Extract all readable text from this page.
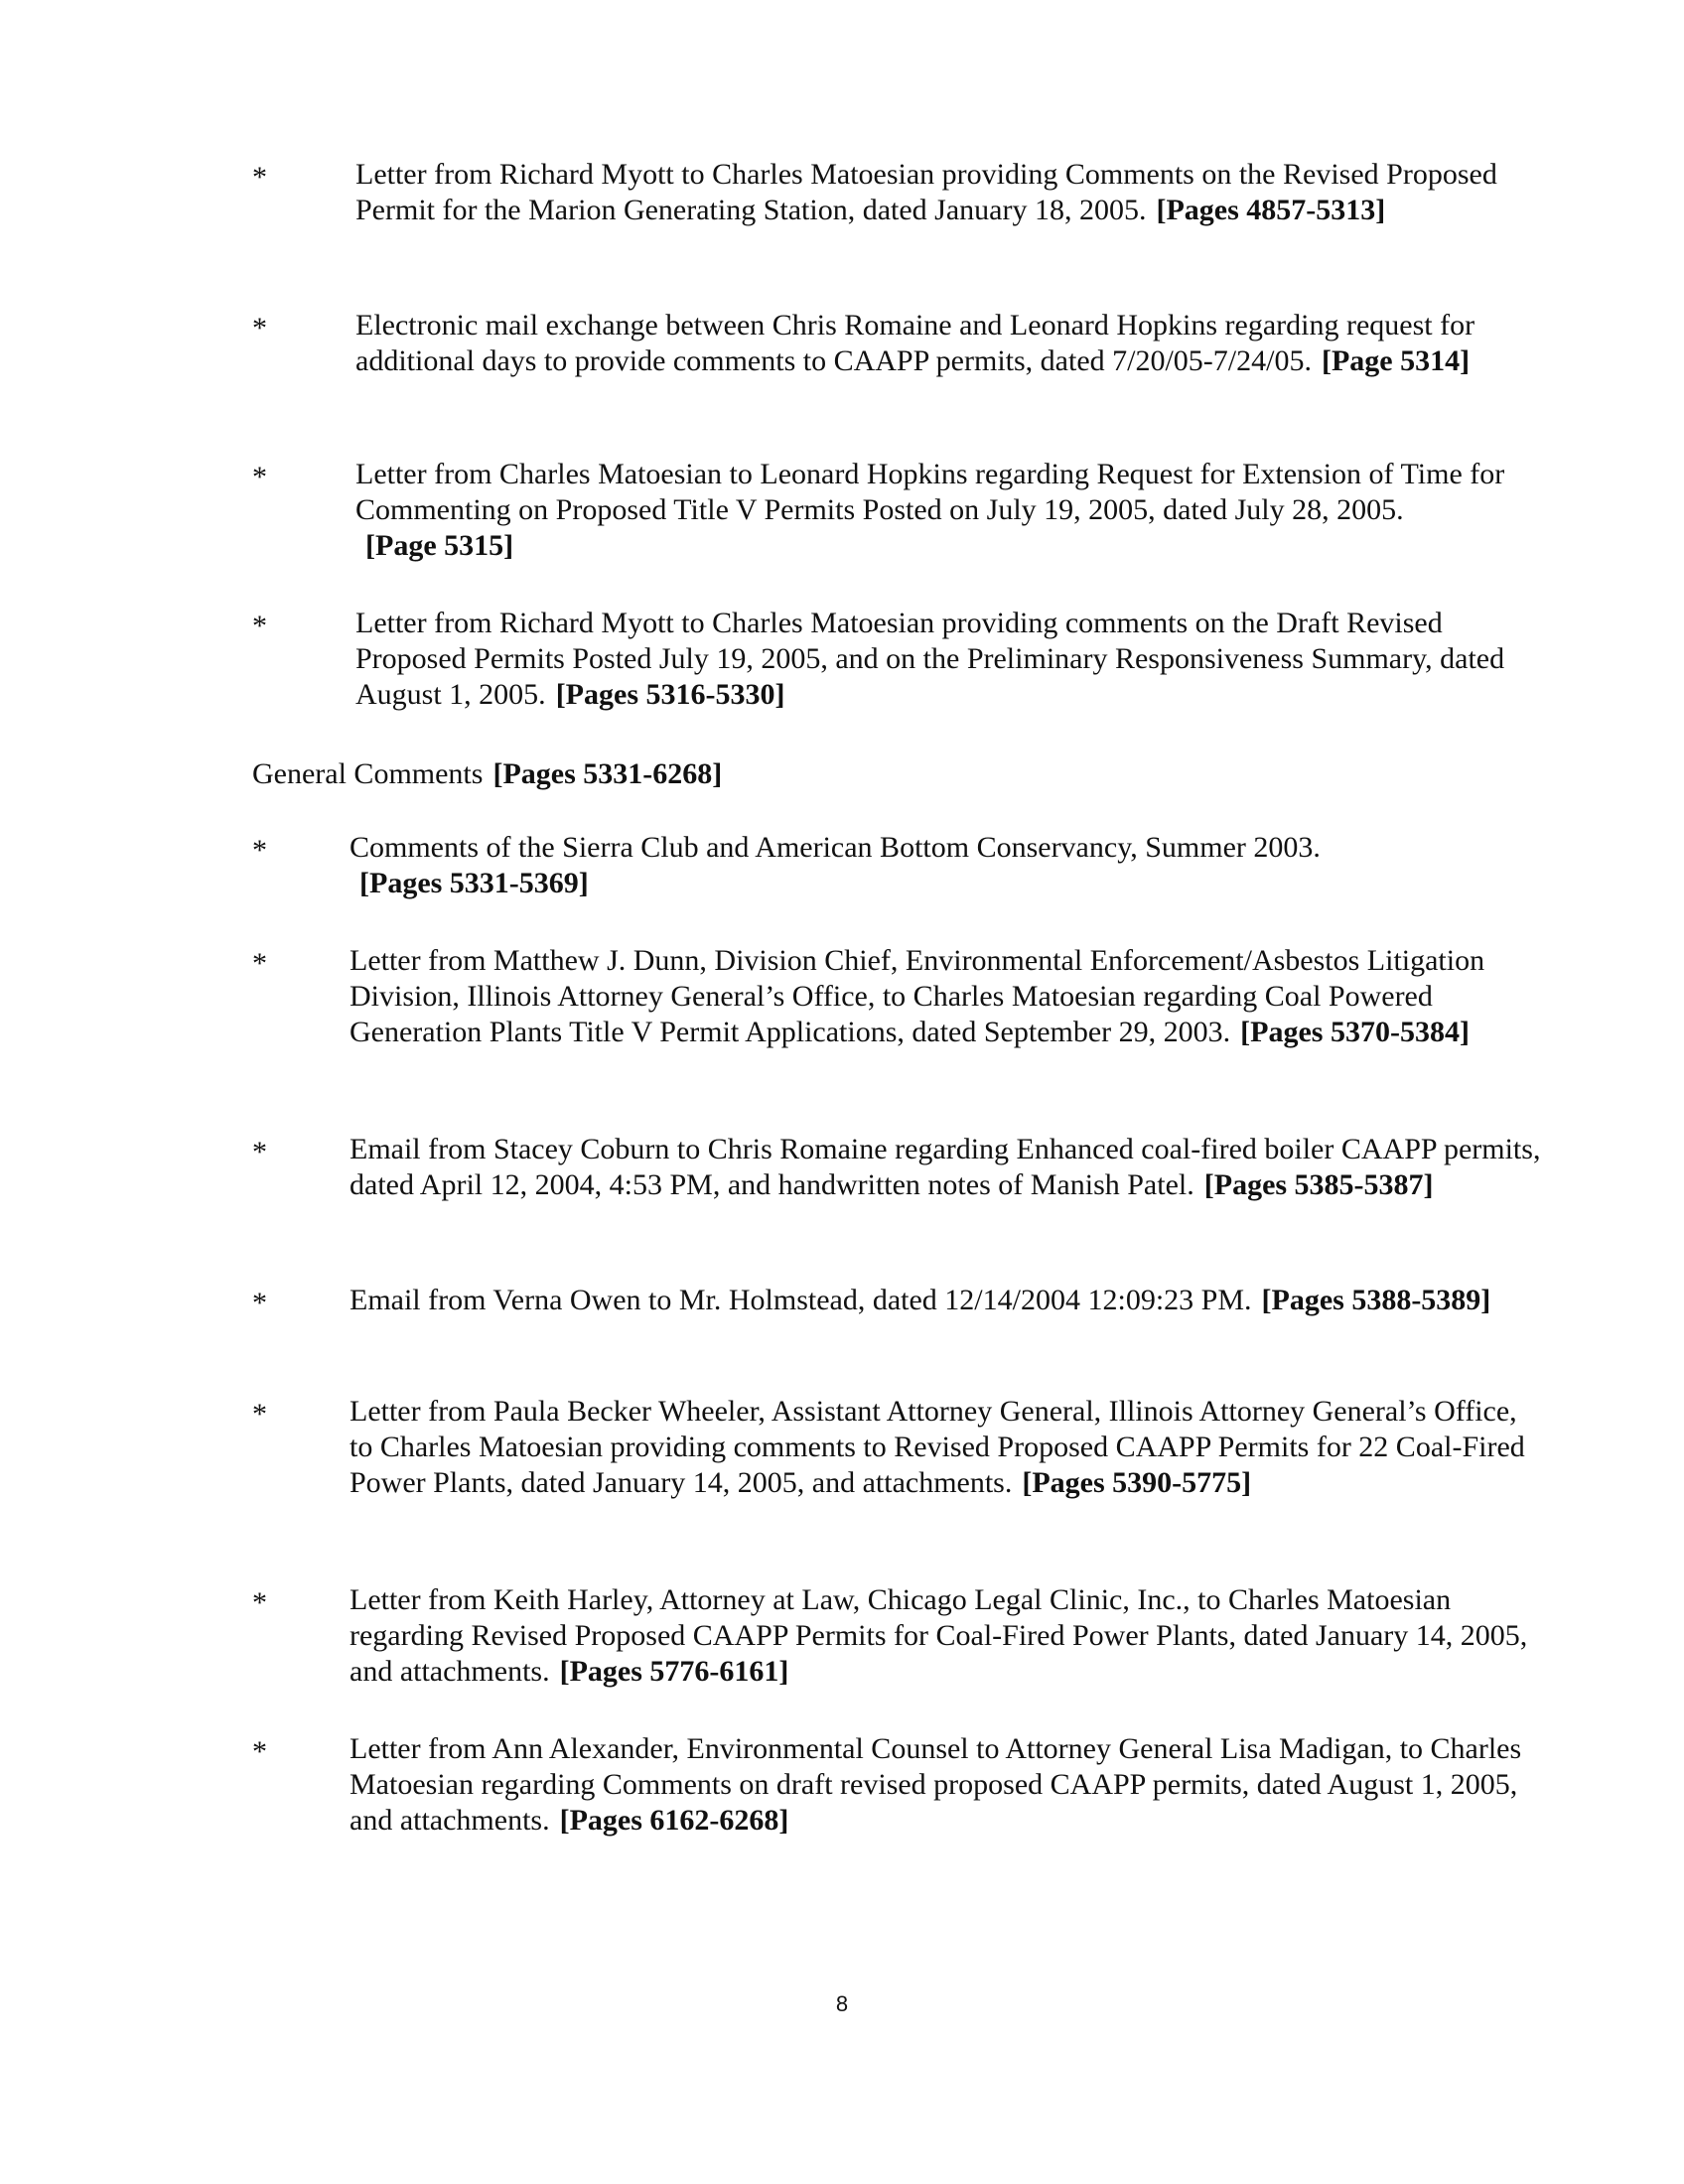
*	Letter from Richard Myott to Charles Matoesian providing Comments on the Revised Proposed Permit for the Marion Generating Station, dated January 18, 2005. [Pages 4857-5313]
*	Electronic mail exchange between Chris Romaine and Leonard Hopkins regarding request for additional days to provide comments to CAAPP permits, dated 7/20/05-7/24/05. [Page 5314]
*	Letter from Charles Matoesian to Leonard Hopkins regarding Request for Extension of Time for Commenting on Proposed Title V Permits Posted on July 19, 2005, dated July 28, 2005.[Page 5315]
*	Letter from Richard Myott to Charles Matoesian providing comments on the Draft Revised Proposed Permits Posted July 19, 2005, and on the Preliminary Responsiveness Summary, dated August 1, 2005. [Pages 5316-5330]
General Comments [Pages 5331-6268]
*	Comments of the Sierra Club and American Bottom Conservancy, Summer 2003.[Pages 5331-5369]
*	Letter from Matthew J. Dunn, Division Chief, Environmental Enforcement/Asbestos Litigation Division, Illinois Attorney General’s Office, to Charles Matoesian regarding Coal Powered Generation Plants Title V Permit Applications, dated September 29, 2003. [Pages 5370-5384]
*	Email from Stacey Coburn to Chris Romaine regarding Enhanced coal-fired boiler CAAPP permits, dated April 12, 2004, 4:53 PM, and handwritten notes of Manish Patel. [Pages 5385-5387]
*	Email from Verna Owen to Mr. Holmstead, dated 12/14/2004 12:09:23 PM. [Pages 5388-5389]
*	Letter from Paula Becker Wheeler, Assistant Attorney General, Illinois Attorney General’s Office, to Charles Matoesian providing comments to Revised Proposed CAAPP Permits for 22 Coal-Fired Power Plants, dated January 14, 2005, and attachments. [Pages 5390-5775]
*	Letter from Keith Harley, Attorney at Law, Chicago Legal Clinic, Inc., to Charles Matoesian regarding Revised Proposed CAAPP Permits for Coal-Fired Power Plants, dated January 14, 2005, and attachments. [Pages 5776-6161]
*	Letter from Ann Alexander, Environmental Counsel to Attorney General Lisa Madigan, to Charles Matoesian regarding Comments on draft revised proposed CAAPP permits, dated August 1, 2005, and attachments. [Pages 6162-6268]
8
